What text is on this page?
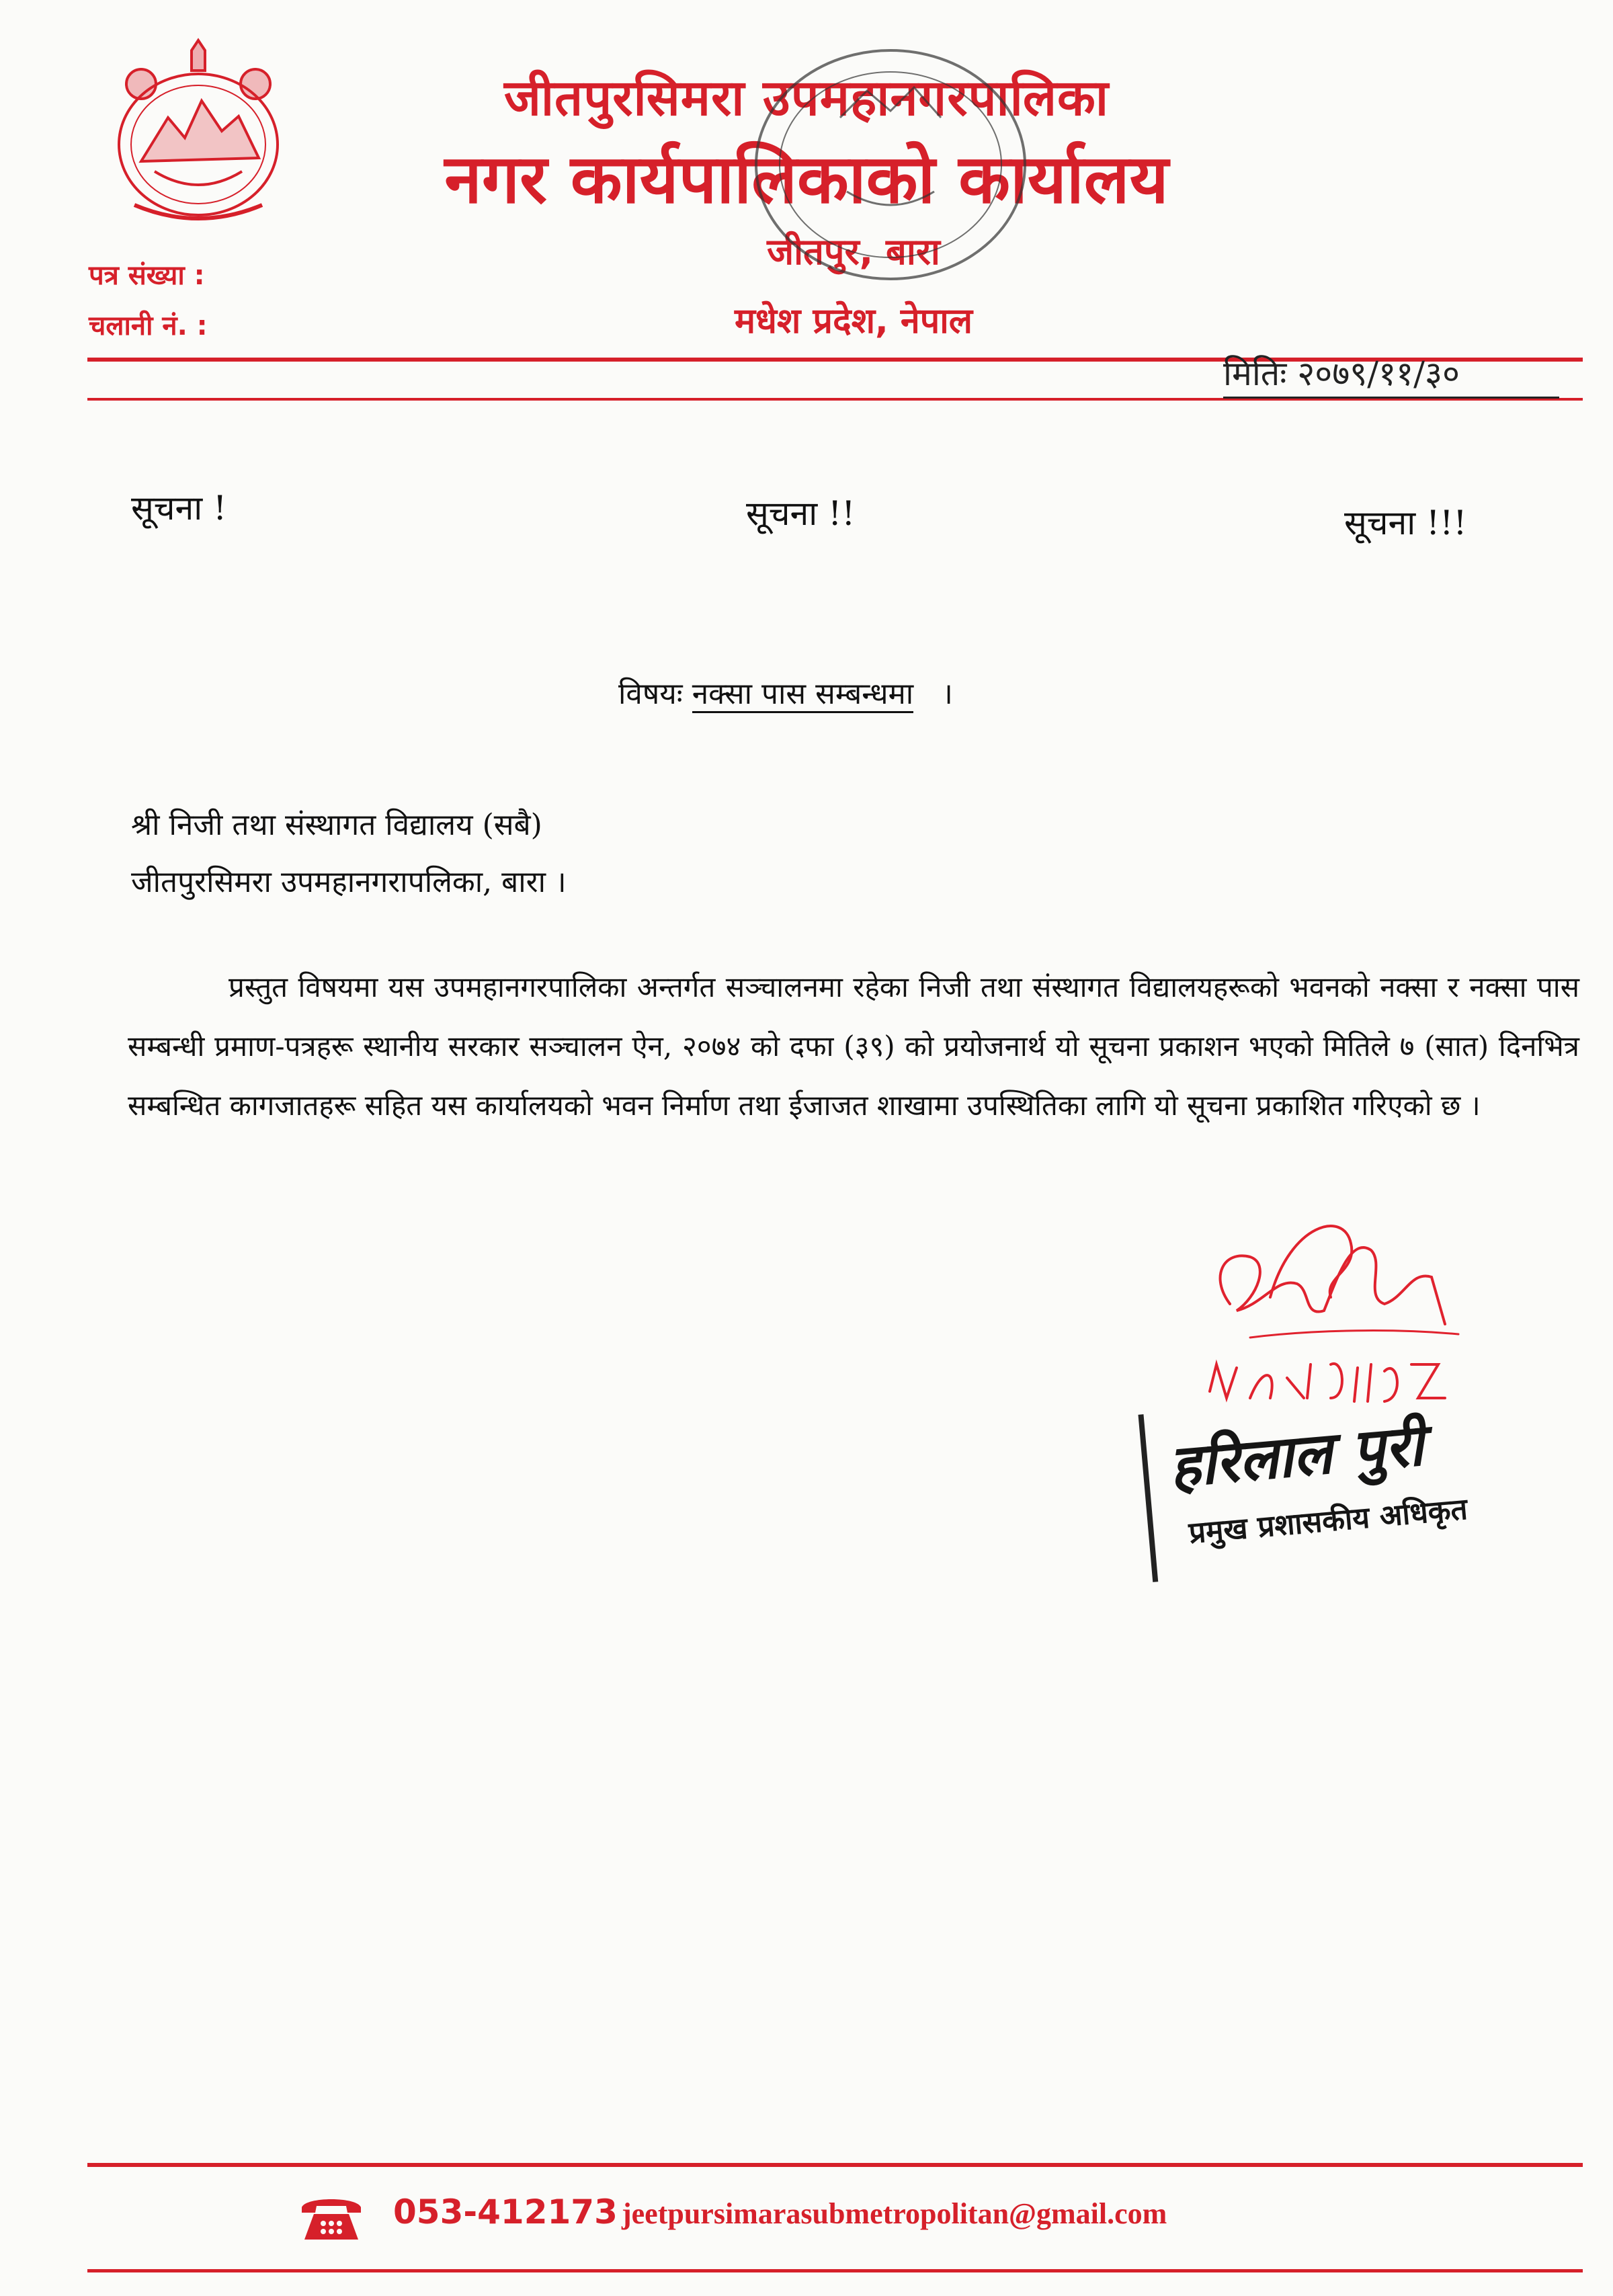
जीतपुरसिमरा उपमहानगरपालिका
नगर कार्यपालिकाको कार्यालय
जीतपुर, बारा
मधेश प्रदेश, नेपाल
पत्र संख्या :
चलानी नं. :
मितिः २०७९/११/३०
सूचना !	सूचना !!	सूचना !!!
विषयः नक्सा पास सम्बन्धमा ।
श्री निजी तथा संस्थागत विद्यालय (सबै)
जीतपुरसिमरा उपमहानगरापलिका, बारा ।
प्रस्तुत विषयमा यस उपमहानगरपालिका अन्तर्गत सञ्चालनमा रहेका निजी तथा संस्थागत विद्यालयहरूको भवनको नक्सा र नक्सा पास सम्बन्धी प्रमाण-पत्रहरू स्थानीय सरकार सञ्चालन ऐन, २०७४ को दफा (३९) को प्रयोजनार्थ यो सूचना प्रकाशन भएको मितिले ७ (सात) दिनभित्र सम्बन्धित कागजातहरू सहित यस कार्यालयको भवन निर्माण तथा ईजाजत शाखामा उपस्थितिका लागि यो सूचना प्रकाशित गरिएको छ ।
हरिलाल पुरी
प्रमुख प्रशासकीय अधिकृत
053-412173 jeetpursimarasubmetropolitan@gmail.com
